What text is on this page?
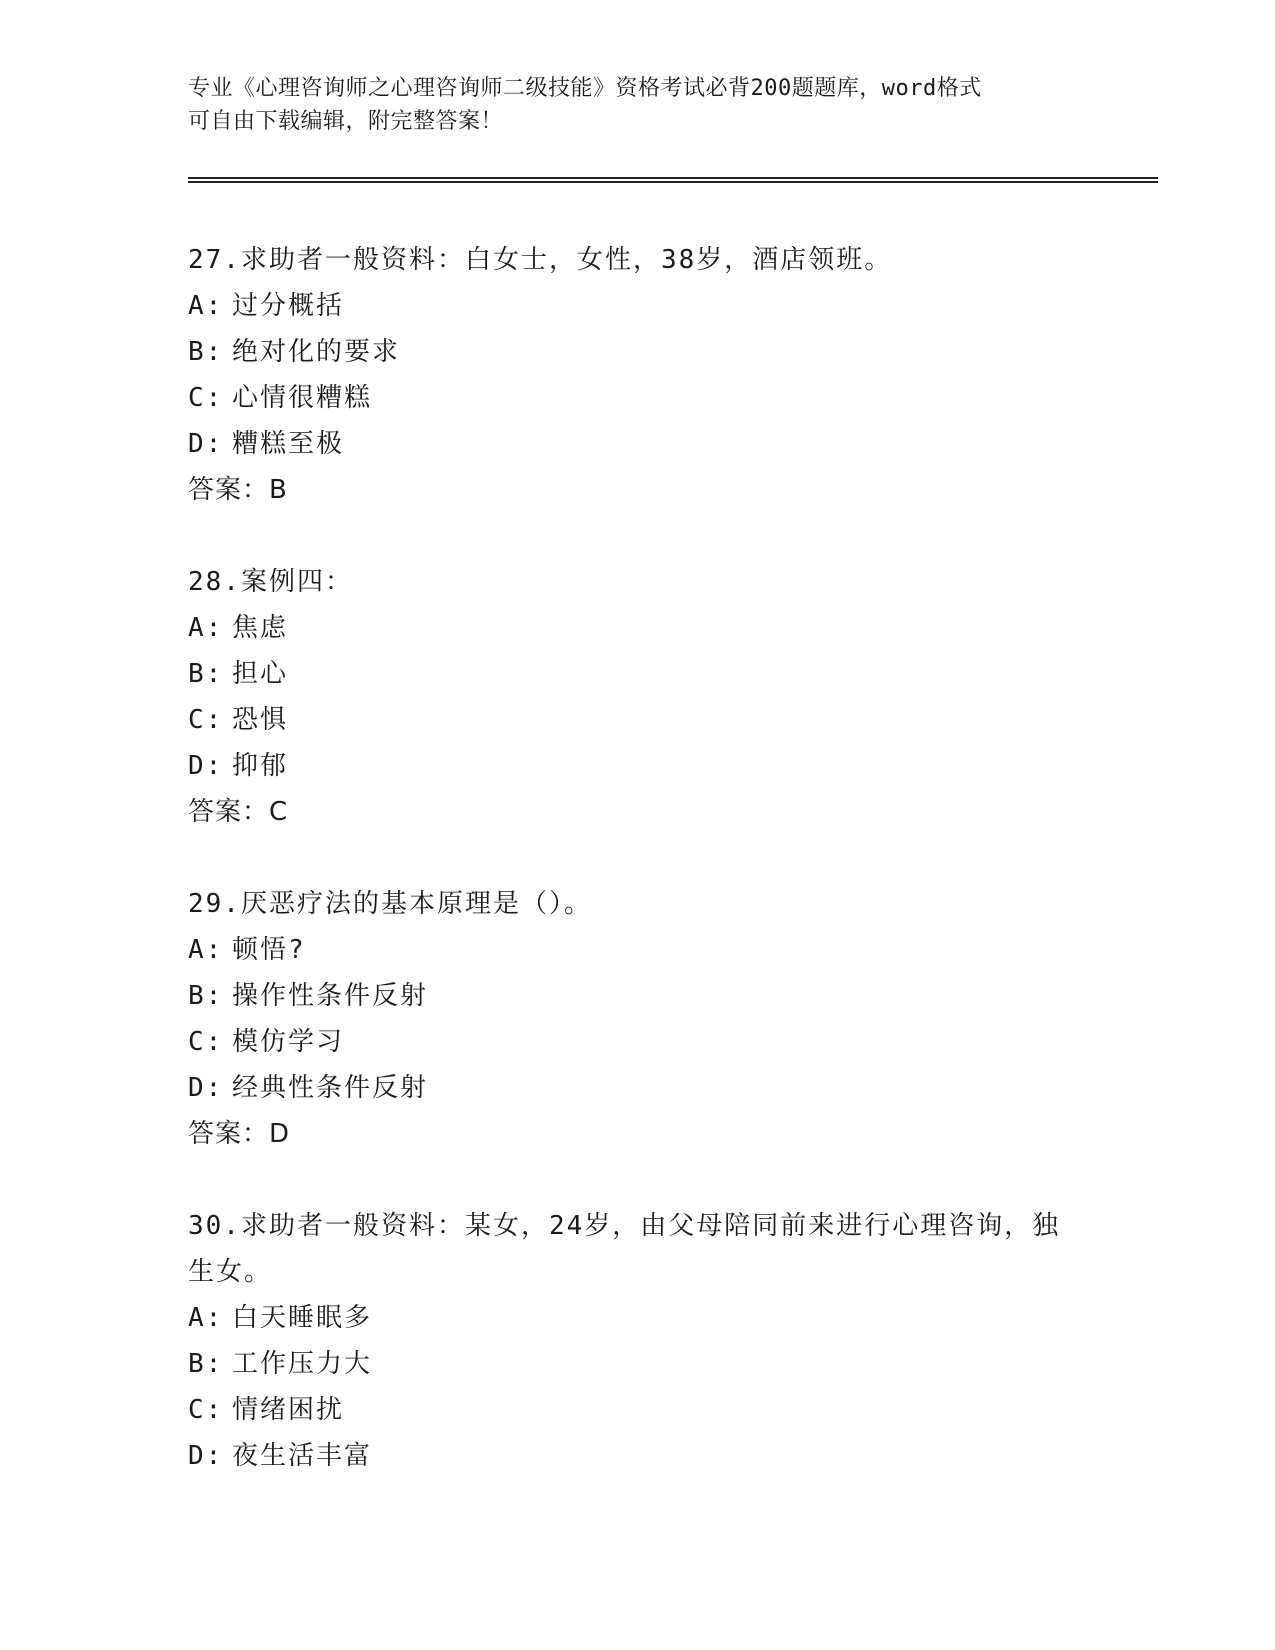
专业《心理咨询师之心理咨询师二级技能》资格考试必背200题题库，word格式
可自由下载编辑，附完整答案！
27.求助者一般资料：白女士，女性，38岁，酒店领班。
A: 过分概括
B: 绝对化的要求
C: 心情很糟糕
D: 糟糕至极
答案：B
28.案例四：
A: 焦虑
B: 担心
C: 恐惧
D: 抑郁
答案：C
29.厌恶疗法的基本原理是（）。
A: 顿悟?
B: 操作性条件反射
C: 模仿学习
D: 经典性条件反射
答案：D
30.求助者一般资料：某女，24岁，由父母陪同前来进行心理咨询，独生女。
A: 白天睡眠多
B: 工作压力大
C: 情绪困扰
D: 夜生活丰富
